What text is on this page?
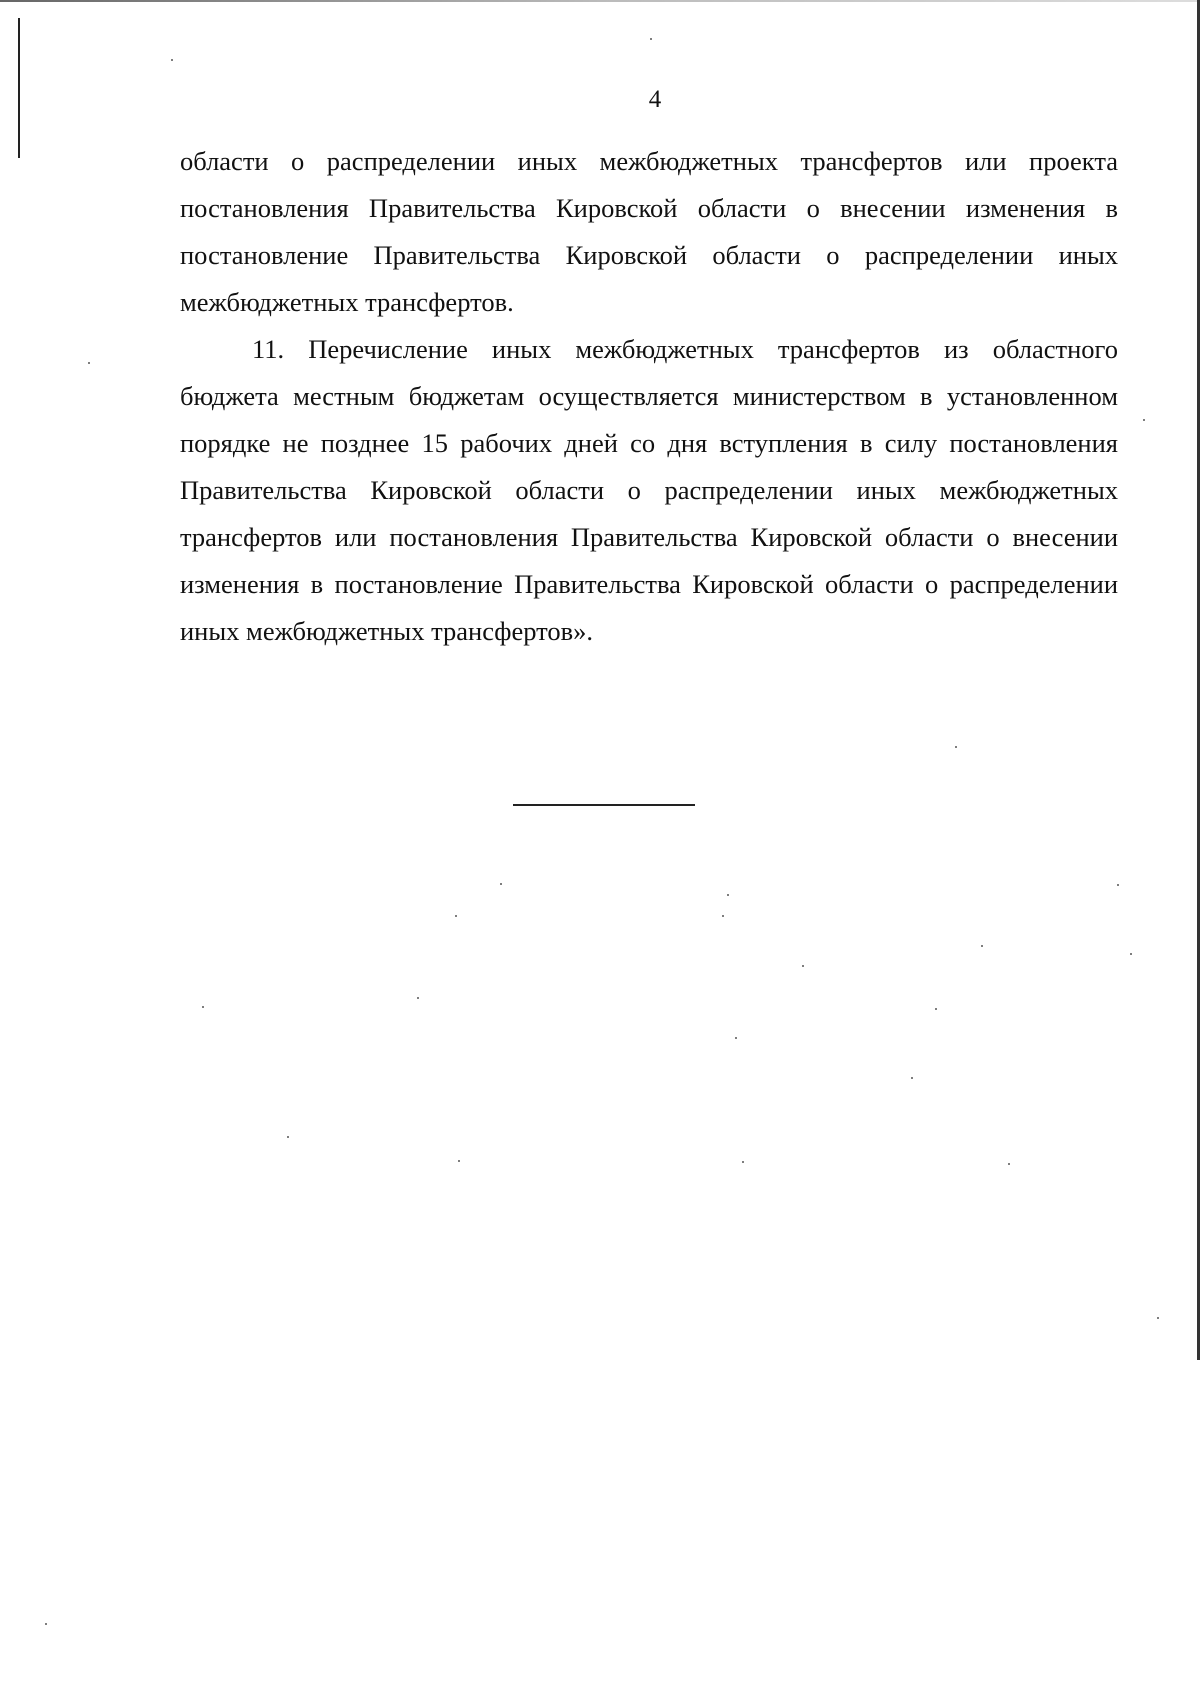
4

области о распределении иных межбюджетных трансфертов или проекта постановления Правительства Кировской области о внесении изменения в постановление Правительства Кировской области о распределении иных межбюджетных трансфертов.

11. Перечисление иных межбюджетных трансфертов из областного бюджета местным бюджетам осуществляется министерством в установленном порядке не позднее 15 рабочих дней со дня вступления в силу постановления Правительства Кировской области о распределении иных межбюджетных трансфертов или постановления Правительства Кировской области о внесении изменения в постановление Правительства Кировской области о распределении иных межбюджетных трансфертов».
